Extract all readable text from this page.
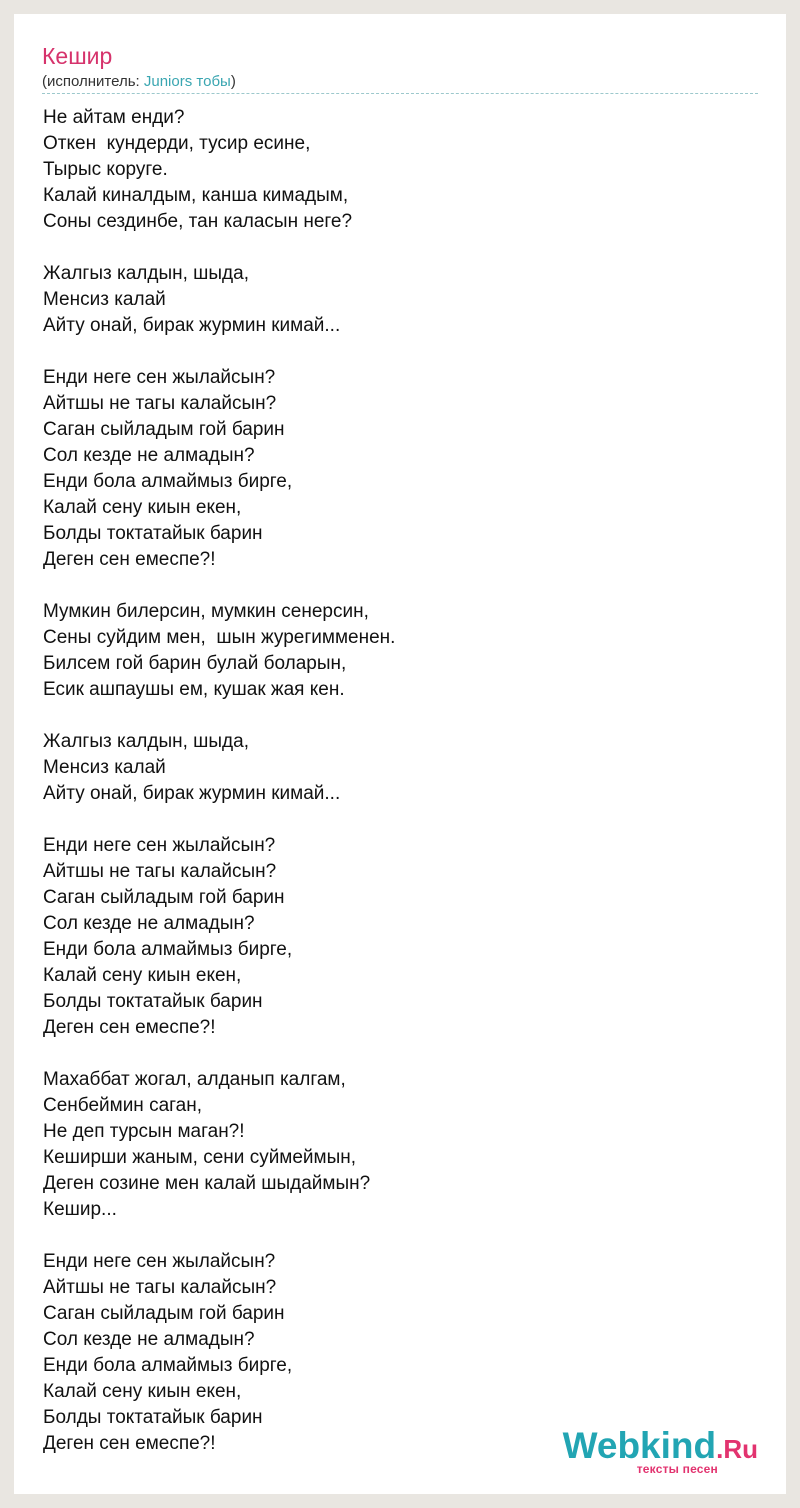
Кешир
(исполнитель: Juniors тобы)
Не айтам енди?
Откен  кундерди, тусир есине,
Тырыс коруге.
Калай киналдым, канша кимадым,
Соны сездинбе, тан каласын неге?
Жалгыз калдын, шыда,
Менсиз калай
Айту онай, бирак журмин кимай...
Енди неге сен жылайсын?
Айтшы не тагы калайсын?
Саган сыйладым гой барин
Сол кезде не алмадын?
Енди бола алмаймыз бирге,
Калай сену киын екен,
Болды токтатайык барин
Деген сен емеспе?!
Мумкин билерсин, мумкин сенерсин,
Сены суйдим мен,  шын журегимменен.
Билсем гой барин булай боларын,
Есик ашпаушы ем, кушак жая кен.
Жалгыз калдын, шыда,
Менсиз калай
Айту онай, бирак журмин кимай...
Енди неге сен жылайсын?
Айтшы не тагы калайсын?
Саган сыйладым гой барин
Сол кезде не алмадын?
Енди бола алмаймыз бирге,
Калай сену киын екен,
Болды токтатайык барин
Деген сен емеспе?!
Махаббат жогал, алданып калгам,
Сенбеймин саган,
Не деп турсын маган?!
Кеширши жаным, сени суймеймын,
Деген созине мен калай шыдаймын?
Кешир...
Енди неге сен жылайсын?
Айтшы не тагы калайсын?
Саган сыйладым гой барин
Сол кезде не алмадын?
Енди бола алмаймыз бирге,
Калай сену киын екен,
Болды токтатайык барин
Деген сен емеспе?!	Webkind.Ru
тексты песен
